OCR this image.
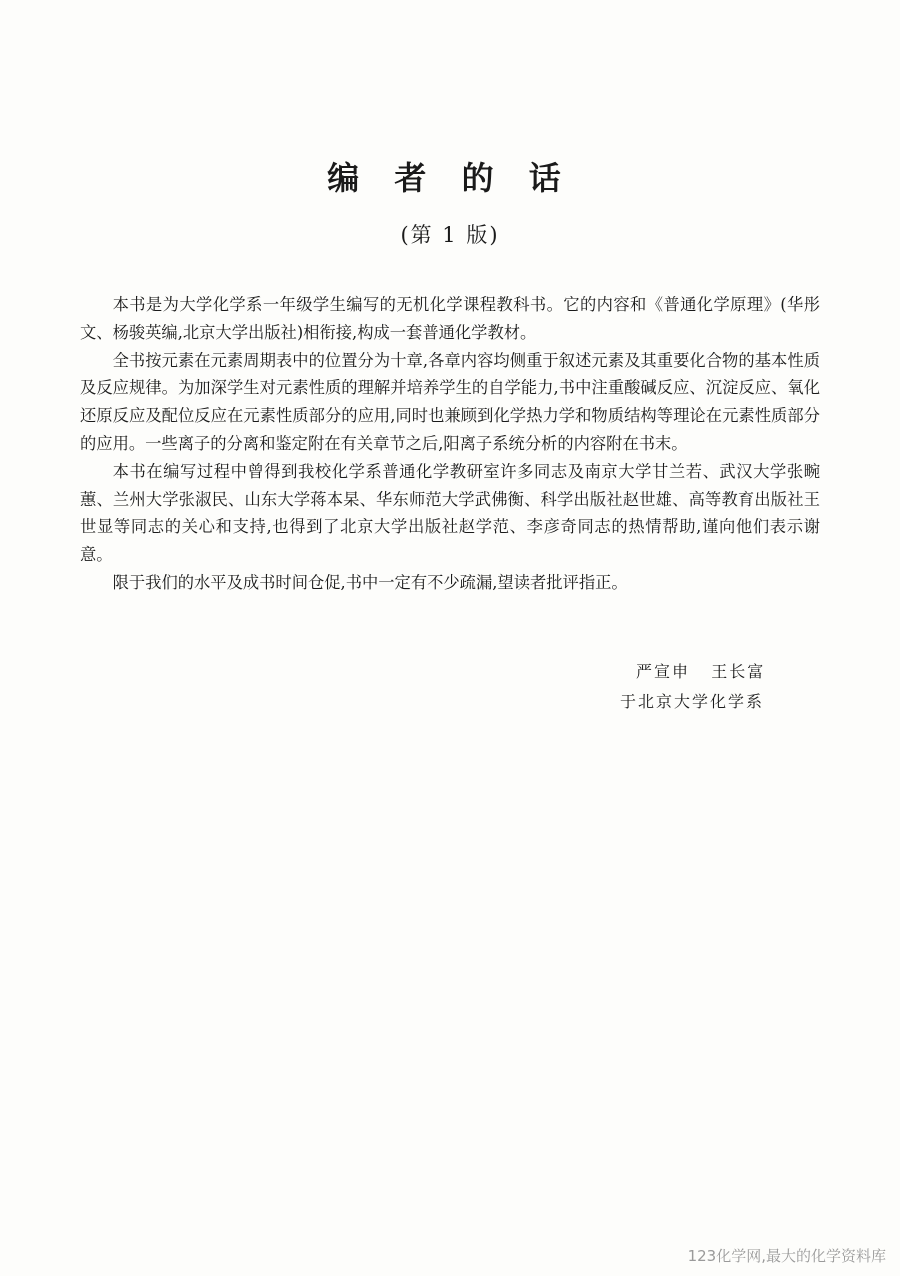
编 者 的 话
(第 1 版)

本书是为大学化学系一年级学生编写的无机化学课程教科书。它的内容和《普通化学原理》(华彤文、杨骏英编,北京大学出版社)相衔接,构成一套普通化学教材。

全书按元素在元素周期表中的位置分为十章,各章内容均侧重于叙述元素及其重要化合物的基本性质及反应规律。为加深学生对元素性质的理解并培养学生的自学能力,书中注重酸碱反应、沉淀反应、氧化还原反应及配位反应在元素性质部分的应用,同时也兼顾到化学热力学和物质结构等理论在元素性质部分的应用。一些离子的分离和鉴定附在有关章节之后,阳离子系统分析的内容附在书末。

本书在编写过程中曾得到我校化学系普通化学教研室许多同志及南京大学甘兰若、武汉大学张畹蕙、兰州大学张淑民、山东大学蒋本杲、华东师范大学武佛衡、科学出版社赵世雄、高等教育出版社王世显等同志的关心和支持,也得到了北京大学出版社赵学范、李彦奇同志的热情帮助,谨向他们表示谢意。

限于我们的水平及成书时间仓促,书中一定有不少疏漏,望读者批评指正。

严宣申   王长富
于北京大学化学系
123化学网,最大的化学资料库
